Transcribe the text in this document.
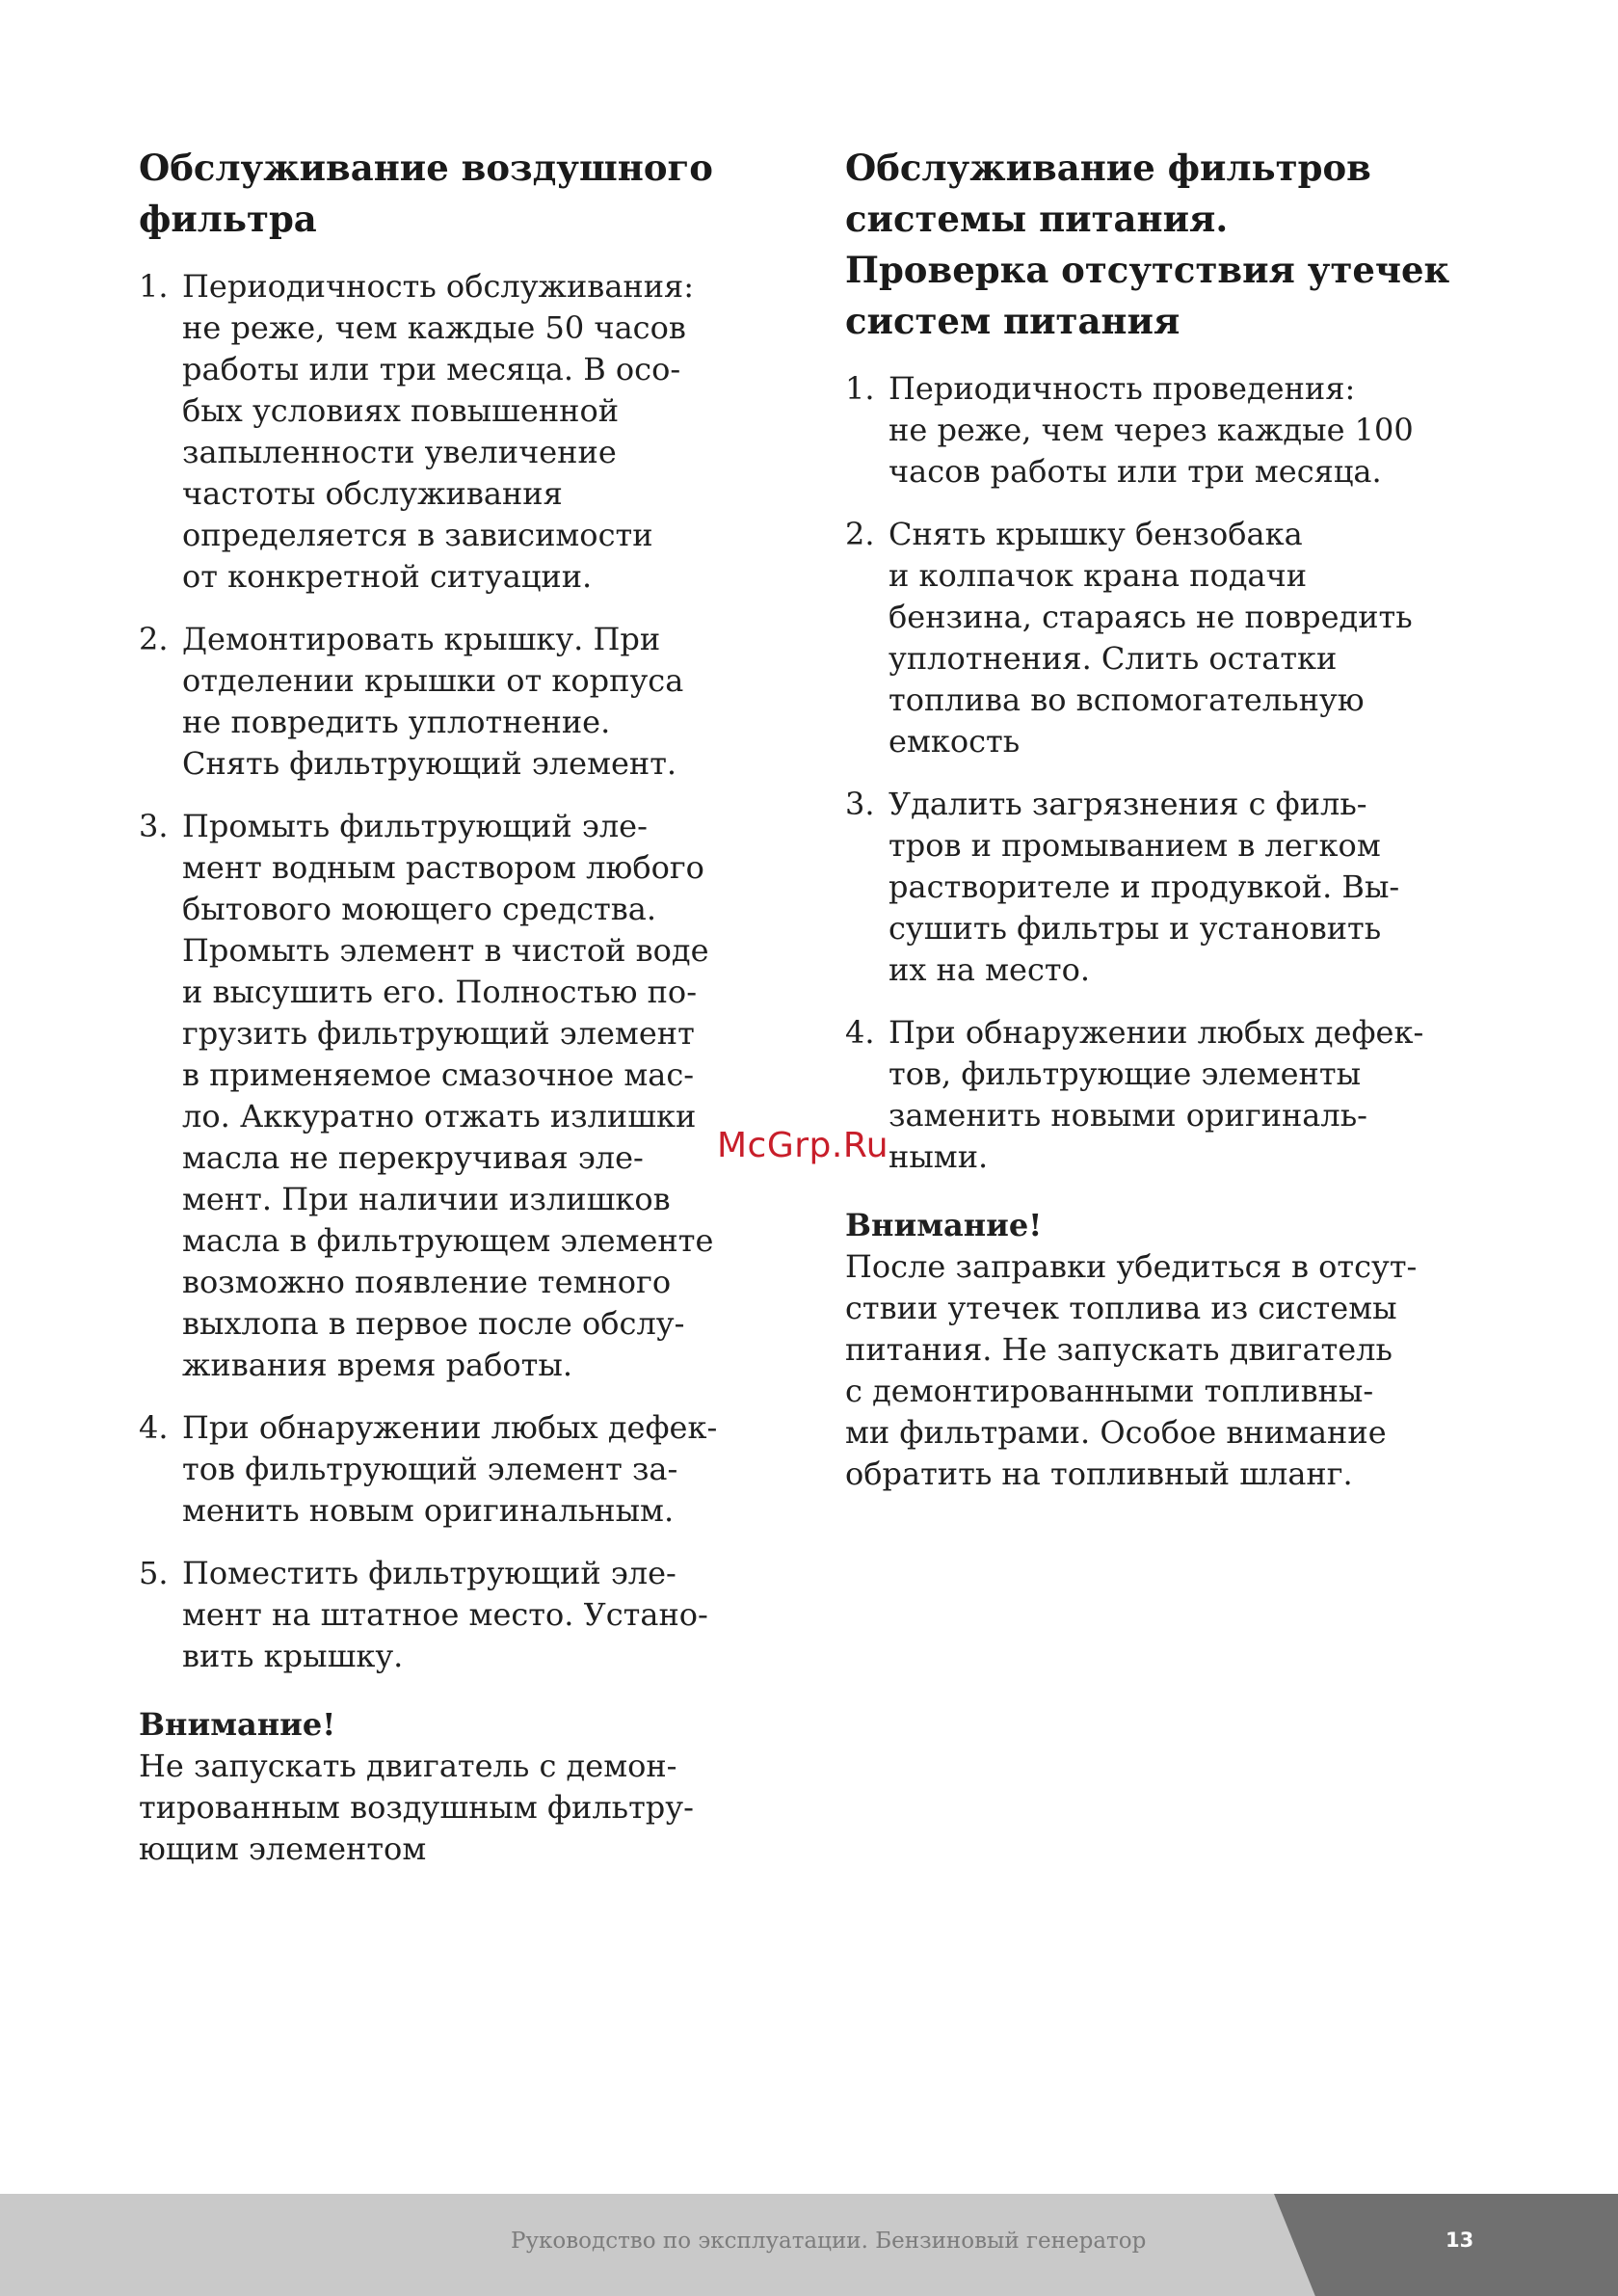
Обслуживание воздушного
фильтра
1. Периодичность обслуживания:
не реже, чем каждые 50 часов
работы или три месяца. В осо-
бых условиях повышенной
запыленности увеличение
частоты обслуживания
определяется в зависимости
от конкретной ситуации.
2. Демонтировать крышку. При
отделении крышки от корпуса
не повредить уплотнение.
Снять фильтрующий элемент.
3. Промыть фильтрующий эле-
мент водным раствором любого
бытового моющего средства.
Промыть элемент в чистой воде
и высушить его. Полностью по-
грузить фильтрующий элемент
в применяемое смазочное мас-
ло. Аккуратно отжать излишки
масла не перекручивая эле-
мент. При наличии излишков
масла в фильтрующем элементе
возможно появление темного
выхлопа в первое после обслу-
живания время работы.
4. При обнаружении любых дефек-
тов фильтрующий элемент за-
менить новым оригинальным.
5. Поместить фильтрующий эле-
мент на штатное место. Устано-
вить крышку.
Внимание!
Не запускать двигатель с демон-
тированным воздушным фильтру-
ющим элементом
Обслуживание фильтров
системы питания.
Проверка отсутствия утечек
систем питания
1. Периодичность проведения:
не реже, чем через каждые 100
часов работы или три месяца.
2. Снять крышку бензобака
и колпачок крана подачи
бензина, стараясь не повредить
уплотнения. Слить остатки
топлива во вспомогательную
емкость
3. Удалить загрязнения с филь-
тров и промыванием в легком
растворителе и продувкой. Вы-
сушить фильтры и установить
их на место.
4. При обнаружении любых дефек-
тов, фильтрующие элементы
заменить новыми оригиналь-
ными.
Внимание!
После заправки убедиться в отсут-
ствии утечек топлива из системы
питания. Не запускать двигатель
с демонтированными топливны-
ми фильтрами. Особое внимание
обратить на топливный шланг.
McGrp.Ru
Руководство по эксплуатации. Бензиновый генератор	13
